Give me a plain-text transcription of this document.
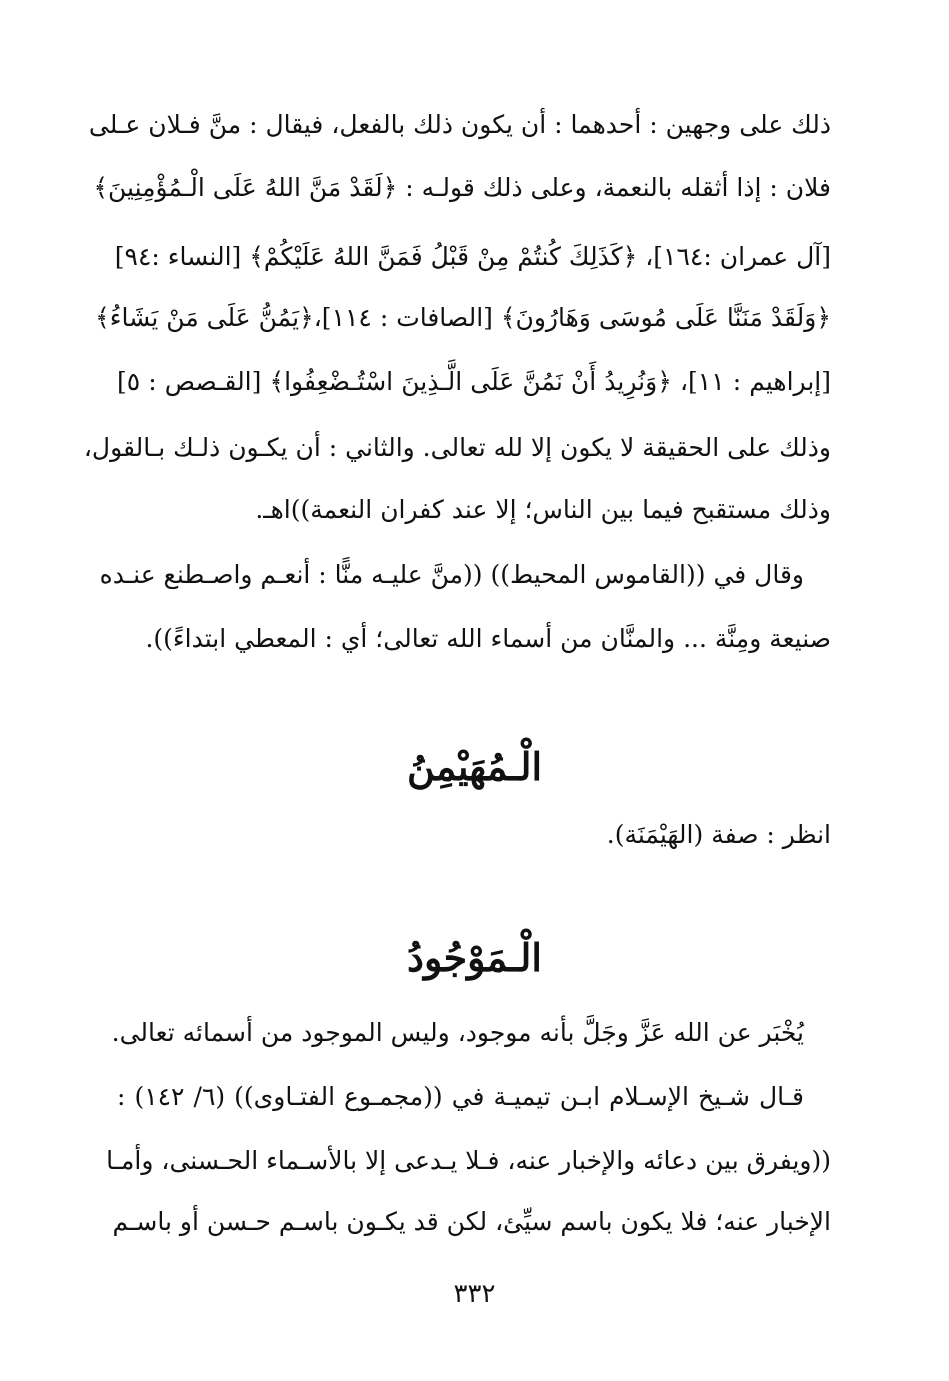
ذلك على وجهين : أحدهما : أن يكون ذلك بالفعل، فيقال : منَّ فـلان عـلى
فلان : إذا أثقله بالنعمة، وعلى ذلك قولـه : ﴿لَقَدْ مَنَّ اللهُ عَلَى الْـمُؤْمِنِينَ﴾
[آل عمران :١٦٤]، ﴿كَذَلِكَ كُنتُمْ مِنْ قَبْلُ فَمَنَّ اللهُ عَلَيْكُمْ﴾ [النساء :٩٤]
﴿وَلَقَدْ مَنَنَّا عَلَى مُوسَى وَهَارُونَ﴾ [الصافات : ١١٤]،﴿يَمُنُّ عَلَى مَنْ يَشَاءُ﴾
[إبراهيم : ١١]، ﴿وَنُرِيدُ أَنْ نَمُنَّ عَلَى الَّـذِينَ اسْتُـضْعِفُوا﴾ [القـصص : ٥]
وذلك على الحقيقة لا يكون إلا لله تعالى. والثاني : أن يكـون ذلـك بـالقول،
وذلك مستقبح فيما بين الناس؛ إلا عند كفران النعمة))اهـ.
وقال في ((القاموس المحيط)) ((منَّ عليـه منًّا : أنعـم واصـطنع عنـده
صنيعة ومِنَّة ... والمنَّان من أسماء الله تعالى؛ أي : المعطي ابتداءً)).
الْـمُهَيْمِنُ
انظر : صفة (الهَيْمَنَة).
الْـمَوْجُودُ
يُخْبَر عن الله عَزَّ وجَلَّ بأنه موجود، وليس الموجود من أسمائه تعالى.
قـال شـيخ الإسـلام ابـن تيميـة في ((مجمـوع الفتـاوى)) (٦/ ١٤٢) :
((ويفرق بين دعائه والإخبار عنه، فـلا يـدعى إلا بالأسـماء الحـسنى، وأمـا
الإخبار عنه؛ فلا يكون باسم سيِّئ، لكن قد يكـون باسـم حـسن أو باسـم
٣٣٢
